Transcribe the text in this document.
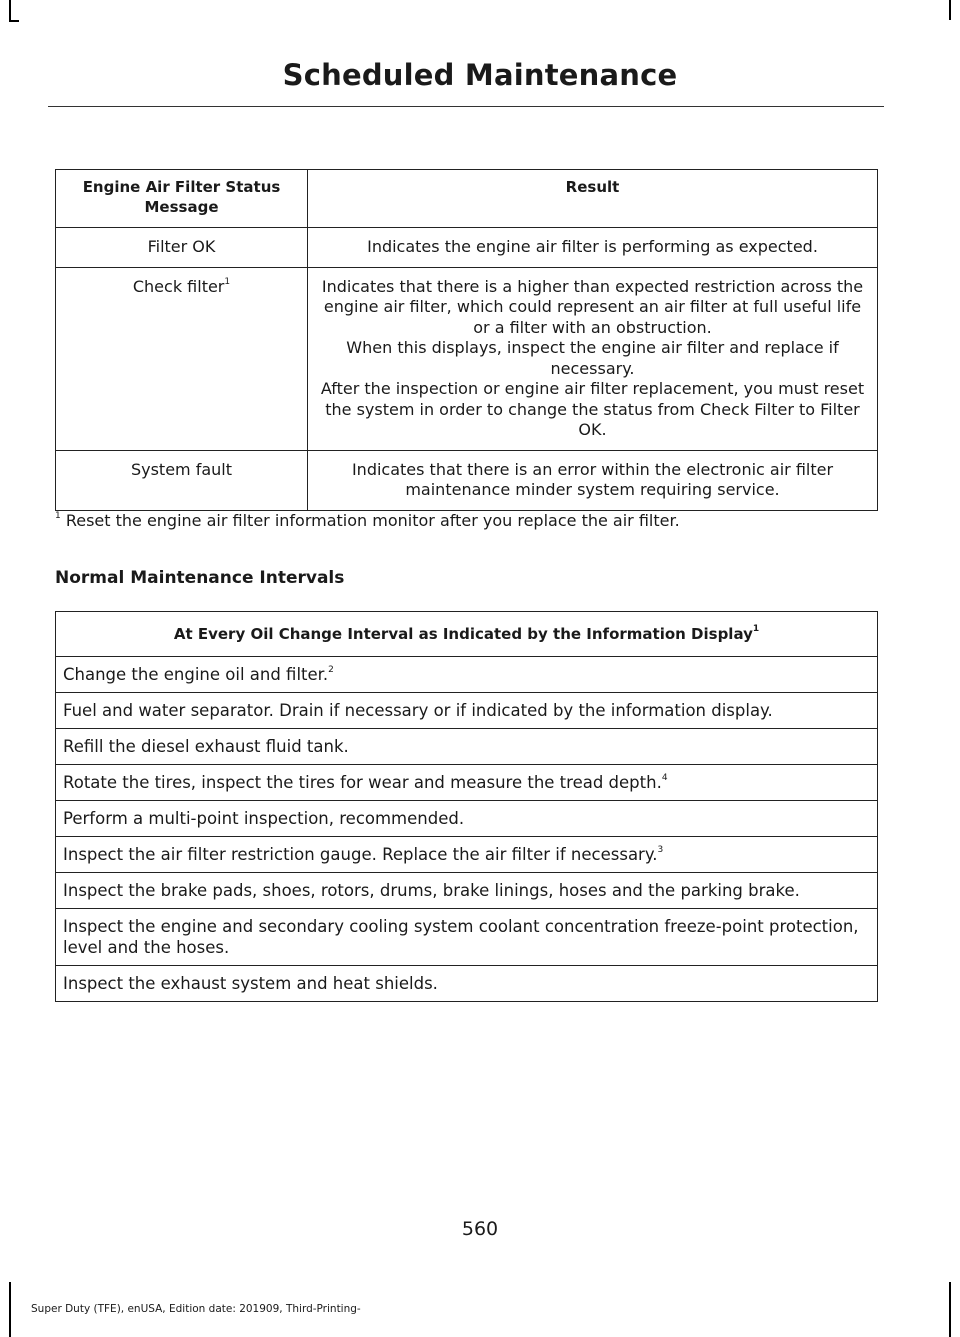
Scheduled Maintenance
Engine Air Filter Status Message	Result
Filter OK	Indicates the engine air filter is performing as expected.

Check filter$^1$	Indicates that there is a higher than expected restriction across the engine air filter, which could represent an air filter at full useful life or a filter with an obstruction.

When this displays, inspect the engine air filter and replace if necessary.

After the inspection or engine air filter replacement, you must reset the system in order to change the status from Check Filter to Filter OK.

System fault	Indicates that there is an error within the electronic air filter maintenance minder system requiring service.

$^1$ Reset the engine air filter information monitor after you replace the air filter.
Normal Maintenance Intervals
At Every Oil Change Interval as Indicated by the Information Display$^1$
Change the engine oil and filter.$^2$
Fuel and water separator. Drain if necessary or if indicated by the information display.
Refill the diesel exhaust fluid tank.
Rotate the tires, inspect the tires for wear and measure the tread depth.$^4$
Perform a multi-point inspection, recommended.
Inspect the air filter restriction gauge. Replace the air filter if necessary.$^3$
Inspect the brake pads, shoes, rotors, drums, brake linings, hoses and the parking brake.
Inspect the engine and secondary cooling system coolant concentration freeze-point protection, level and the hoses.
Inspect the exhaust system and heat shields.
560
Super Duty (TFE), enUSA, Edition date: 201909, Third-Printing-
